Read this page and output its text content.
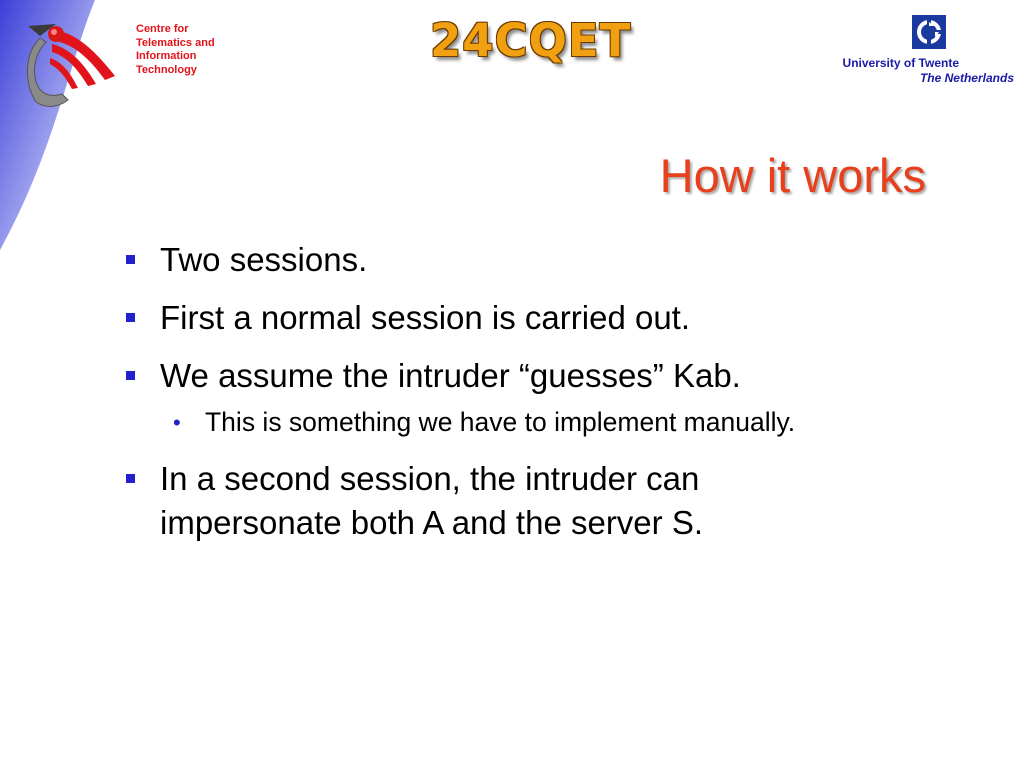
Centre for
Telematics and
Information
Technology
24CQET	University of Twente
The Netherlands
How it works
Two sessions.
First a normal session is carried out.
We assume the intruder “guesses” Kab.
• This is something we have to implement manually.
In a second session, the intruder can impersonate both A and the server S.
